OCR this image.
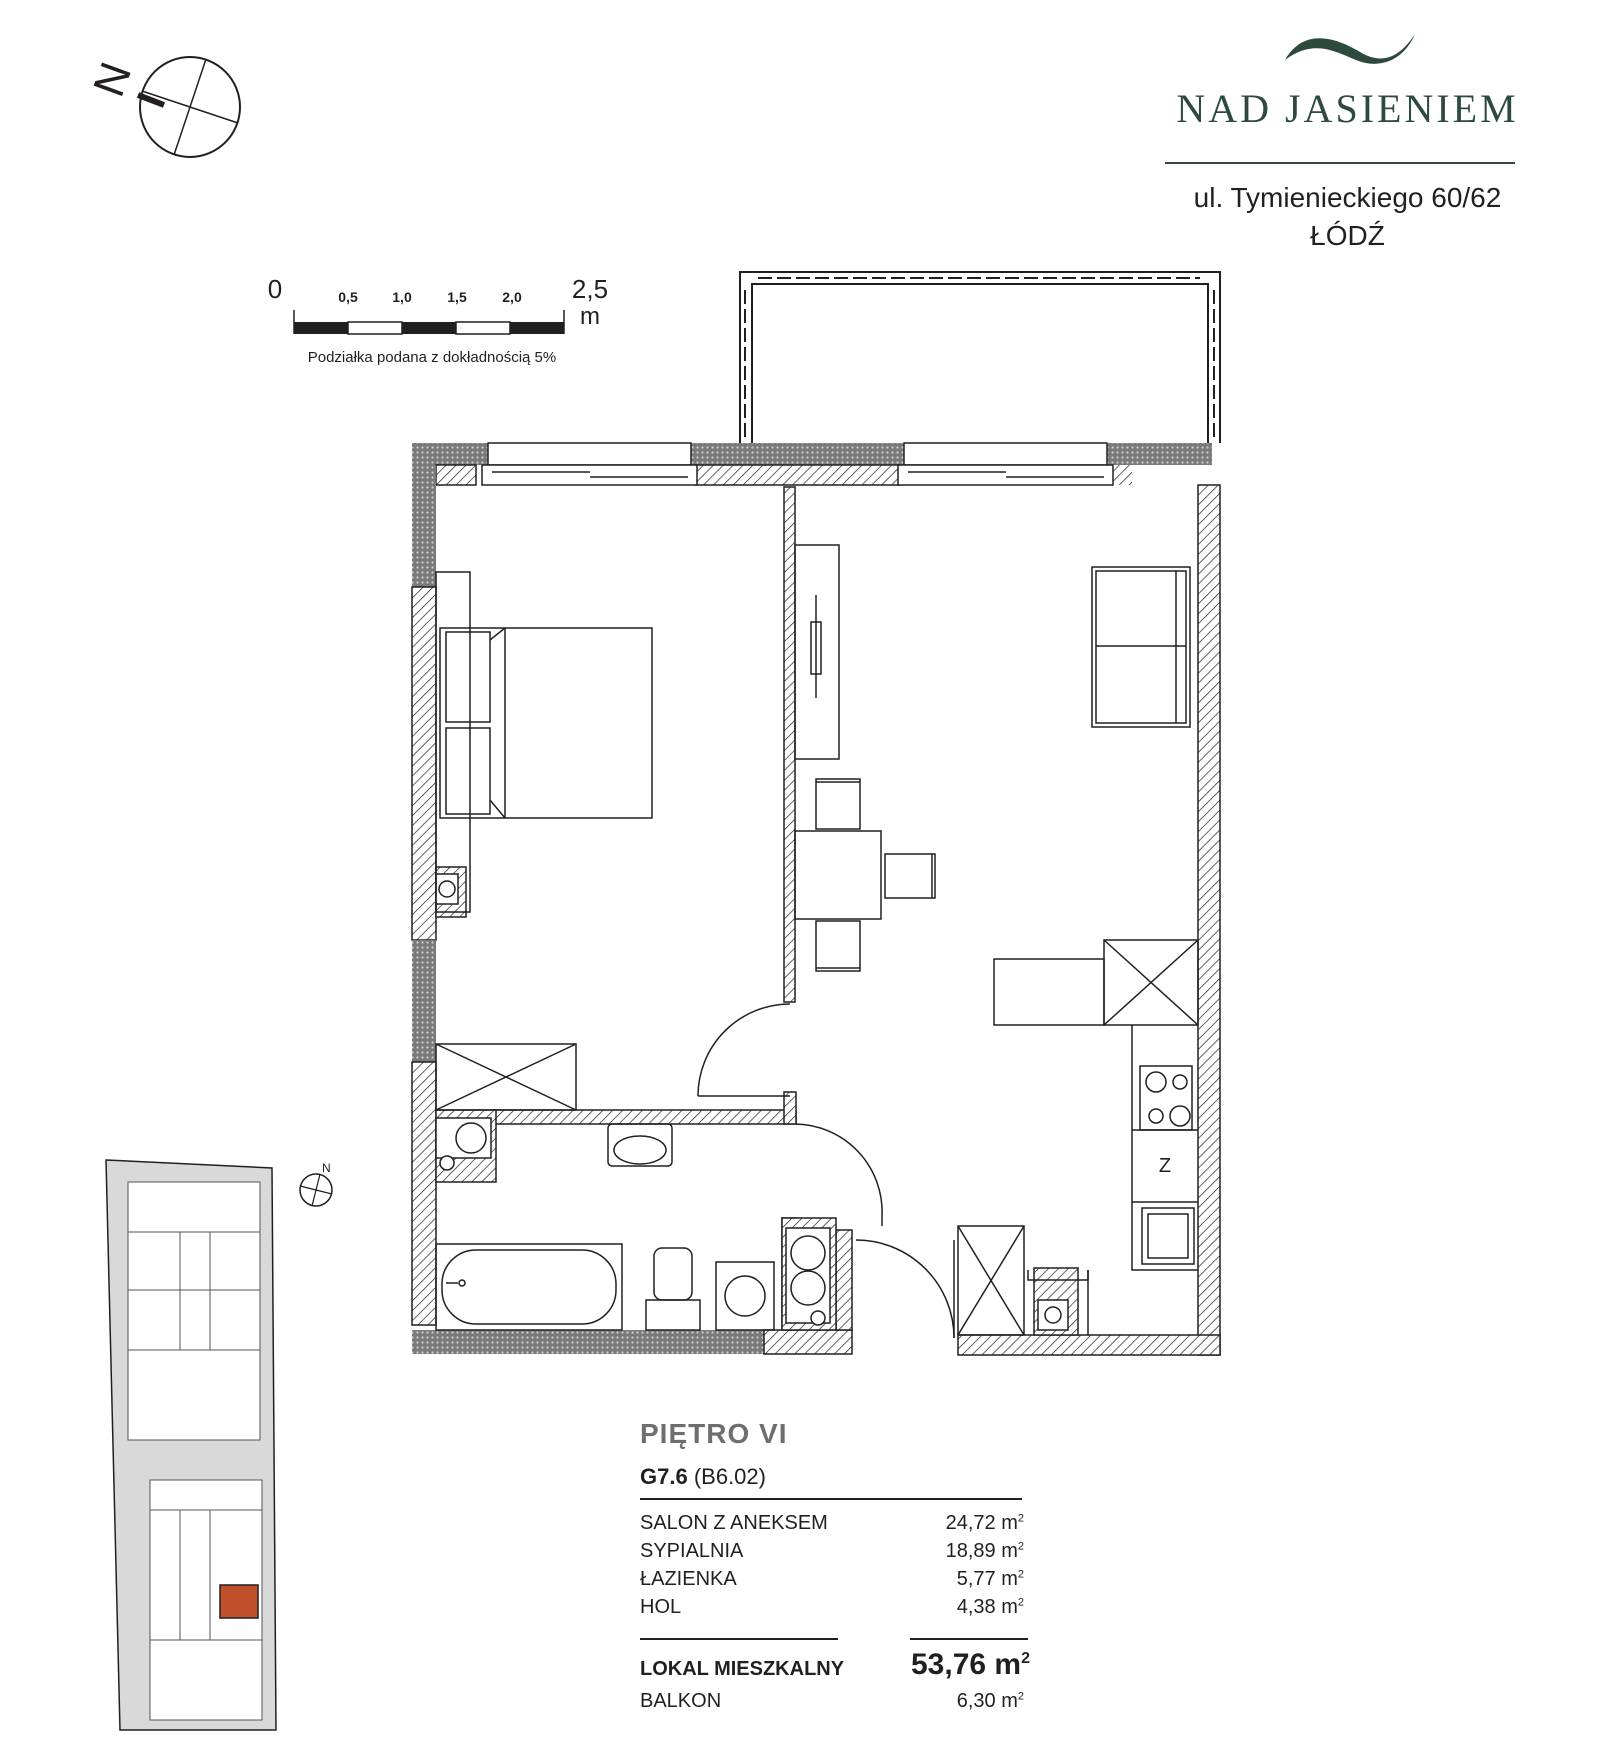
N
NAD JASIENIEM
ul. Tymienieckiego 60/62
ŁÓDŹ
0	0,5 1,0	1,5	2,0 2,5
m
Podziałka podana z dokładnością 5%
Z
N
PIĘTRO VI
G7.6 (B6.02)
SALON Z ANEKSEM	24,72 $m^2$
SYPIALNIA	18,89 $m^2$
ŁAZIENKA	5,77 $m^2$
HOL	4,38 $m^2$
LOKAL MIESZKALNY 53,76 $m^2$
BALKON	6,30 $m^2$
